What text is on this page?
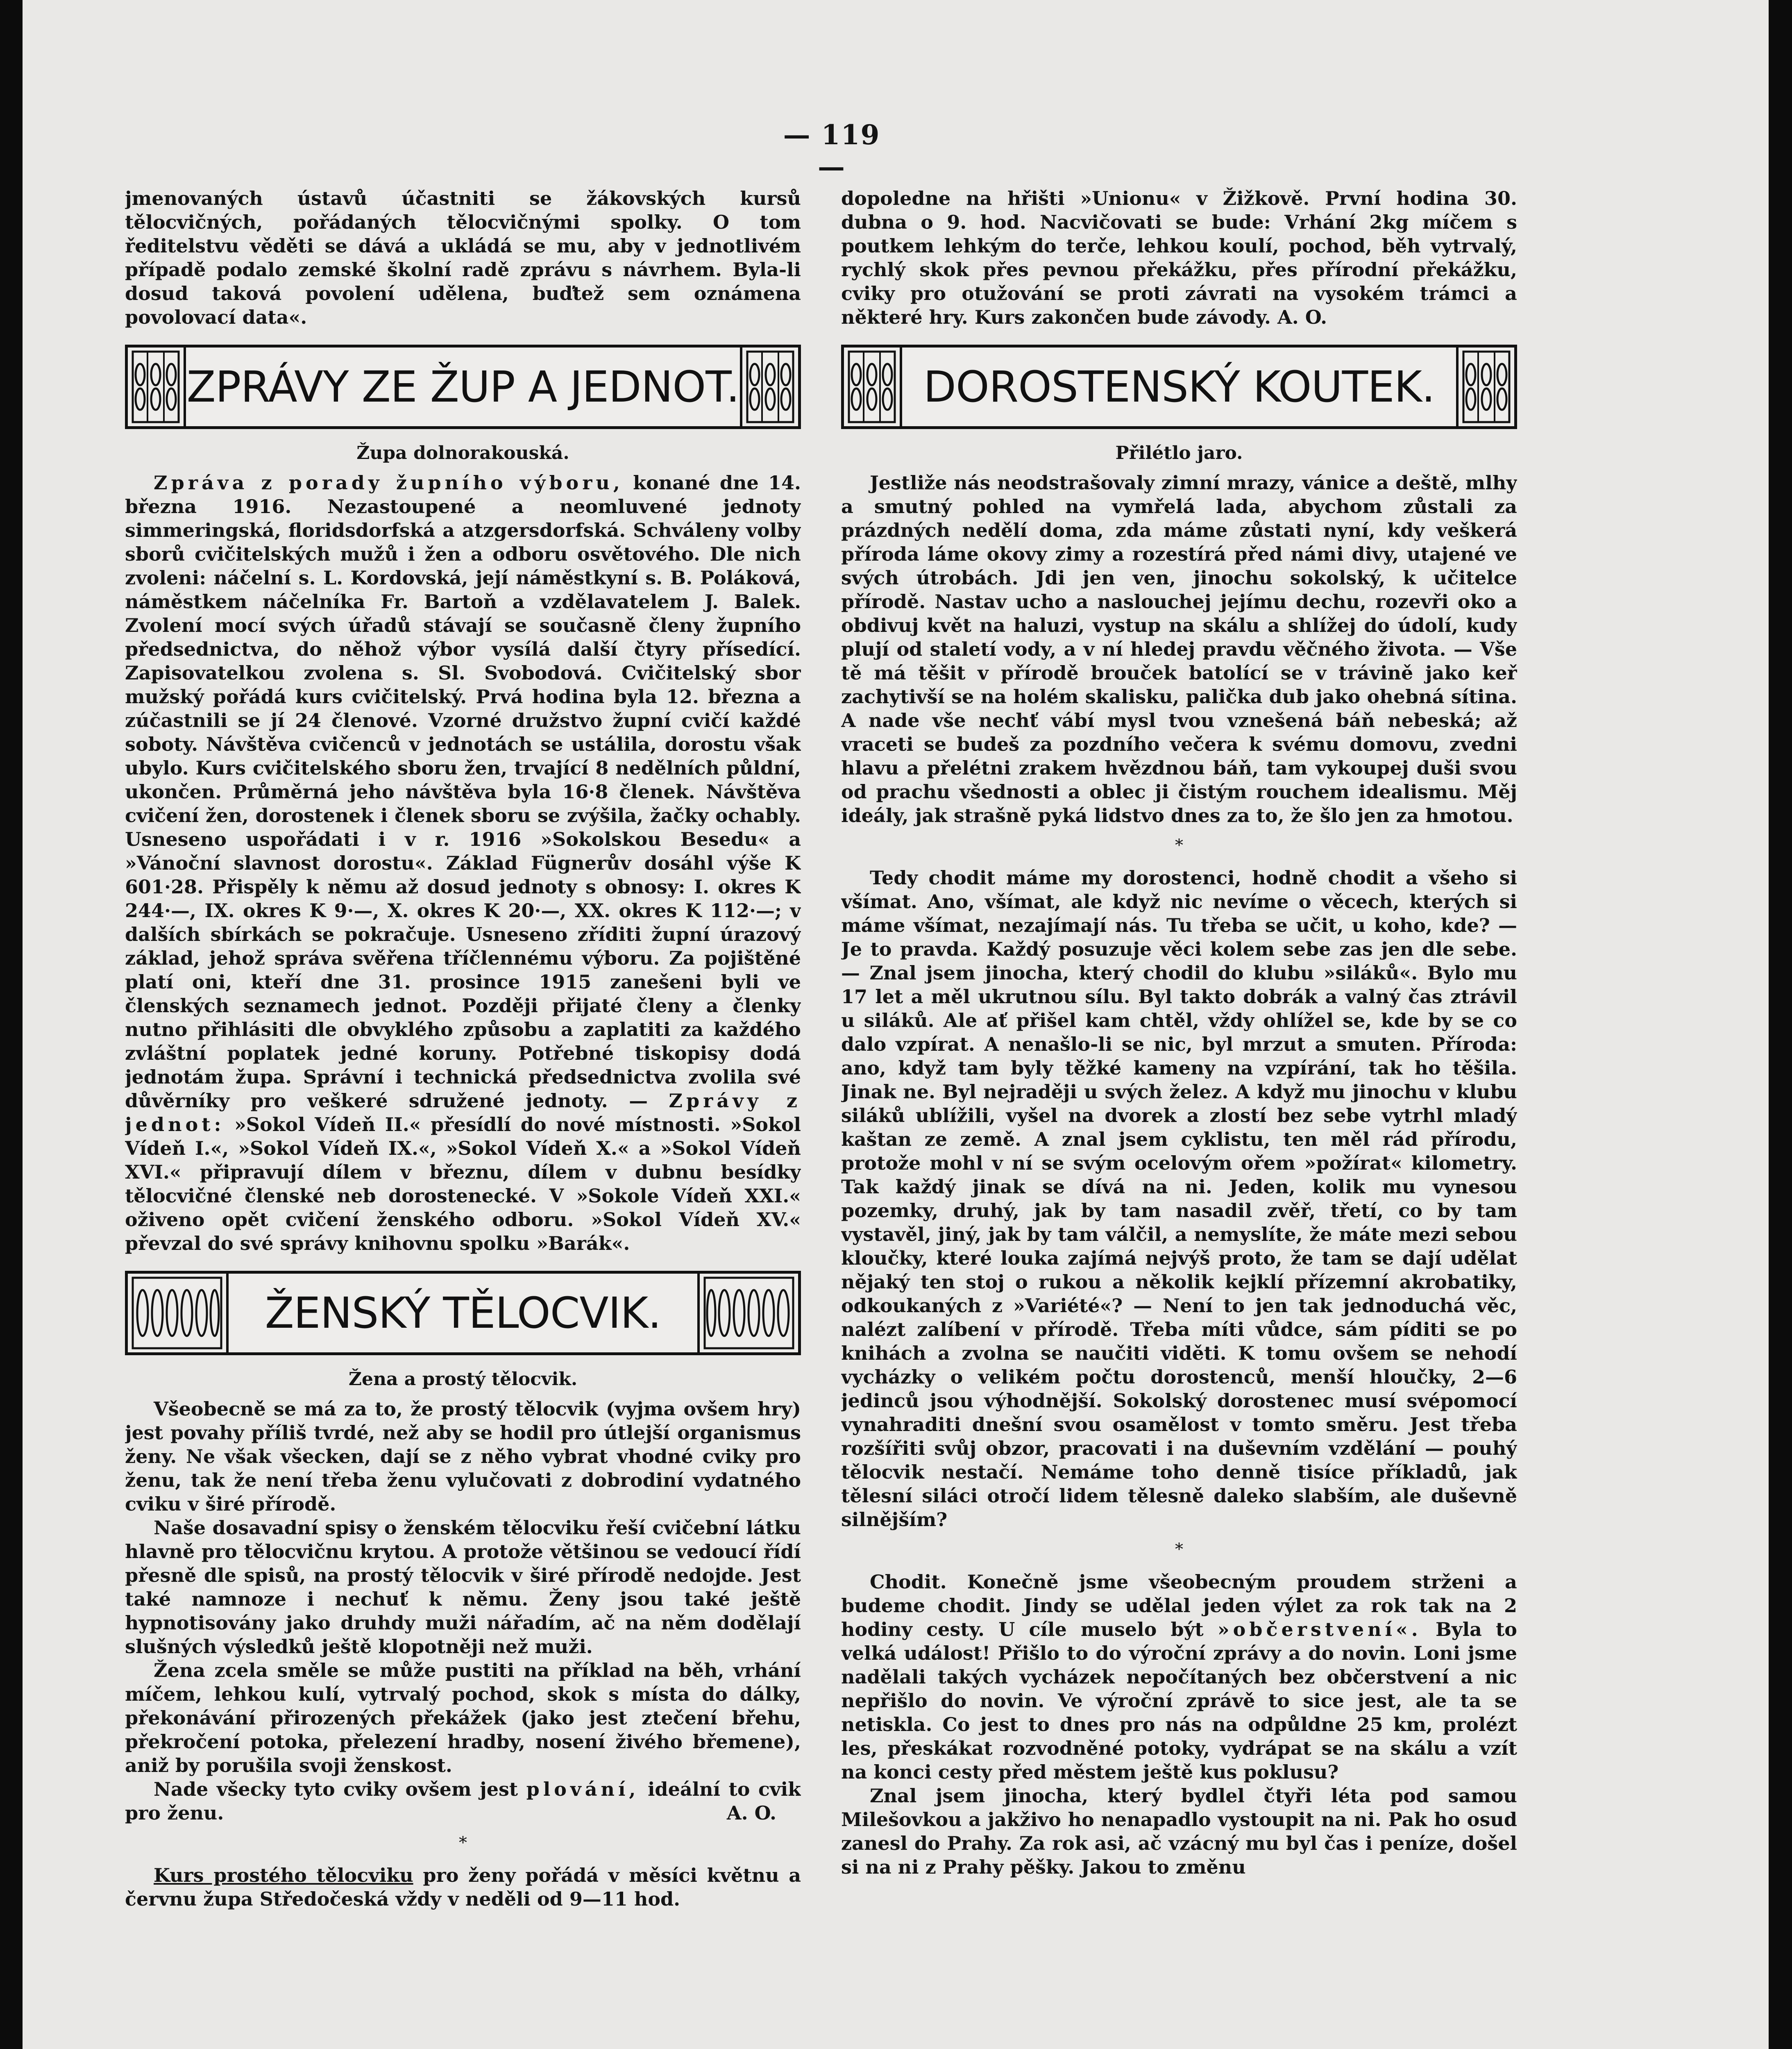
— 119 —

jmenovaných ústavů účastniti se žákovských kursů tělocvičných, pořádaných tělocvičnými spolky. O tom ředitelstvu věděti se dává a ukládá se mu, aby v jednotlivém případě podalo zemské školní radě zprávu s návrhem. Byla-li dosud taková povolení udělena, buďtež sem oznámena povolovací data«.

ZPRÁVY ZE ŽUP A JEDNOT.
Župa dolnorakouská.

Zpráva z porady župního výboru, konané dne 14. března 1916. Nezastoupené a neomluvené jednoty simmeringská, floridsdorfská a atzgersdorfská. Schváleny volby sborů cvičitelských mužů i žen a odboru osvětového. Dle nich zvoleni: náčelní s. L. Kordovská, její náměstkyní s. B. Poláková, náměstkem náčelníka Fr. Bartoň a vzdělavatelem J. Balek. Zvolení mocí svých úřadů stávají se současně členy župního předsednictva, do něhož výbor vysílá další čtyry přísedící. Zapisovatelkou zvolena s. Sl. Svobodová. Cvičitelský sbor mužský pořádá kurs cvičitelský. Prvá hodina byla 12. března a zúčastnili se jí 24 členové. Vzorné družstvo župní cvičí každé soboty. Návštěva cvičenců v jednotách se ustálila, dorostu však ubylo. Kurs cvičitelského sboru žen, trvající 8 nedělních půldní, ukončen. Průměrná jeho návštěva byla 16·8 členek. Návštěva cvičení žen, dorostenek i členek sboru se zvýšila, žačky ochably. Usneseno uspořádati i v r. 1916 »Sokolskou Besedu« a »Vánoční slavnost dorostu«. Základ Fügnerův dosáhl výše K 601·28. Přispěly k němu až dosud jednoty s obnosy: I. okres K 244·—, IX. okres K 9·—, X. okres K 20·—, XX. okres K 112·—; v dalších sbírkách se pokračuje. Usneseno zříditi župní úrazový základ, jehož správa svěřena tříčlennému výboru. Za pojištěné platí oni, kteří dne 31. prosince 1915 zanešeni byli ve členských seznamech jednot. Později přijaté členy a členky nutno přihlásiti dle obvyklého způsobu a zaplatiti za každého zvláštní poplatek jedné koruny. Potřebné tiskopisy dodá jednotám župa. Správní i technická předsednictva zvolila své důvěrníky pro veškeré sdružené jednoty. — Zprávy z jednot: »Sokol Vídeň II.« přesídlí do nové místnosti. »Sokol Vídeň I.«, »Sokol Vídeň IX.«, »Sokol Vídeň X.« a »Sokol Vídeň XVI.« připravují dílem v březnu, dílem v dubnu besídky tělocvičné členské neb dorostenecké. V »Sokole Vídeň XXI.« oživeno opět cvičení ženského odboru. »Sokol Vídeň XV.« převzal do své správy knihovnu spolku »Barák«.

ŽENSKÝ TĚLOCVIK.
Žena a prostý tělocvik.

Všeobecně se má za to, že prostý tělocvik (vyjma ovšem hry) jest povahy příliš tvrdé, než aby se hodil pro útlejší organismus ženy. Ne však všecken, dají se z něho vybrat vhodné cviky pro ženu, tak že není třeba ženu vylučovati z dobrodiní vydatného cviku v širé přírodě.

Naše dosavadní spisy o ženském tělocviku řeší cvičební látku hlavně pro tělocvičnu krytou. A protože většinou se vedoucí řídí přesně dle spisů, na prostý tělocvik v širé přírodě nedojde. Jest také namnoze i nechuť k němu. Ženy jsou také ještě hypnotisovány jako druhdy muži nářadím, ač na něm dodělají slušných výsledků ještě klopotněji než muži.

Žena zcela směle se může pustiti na příklad na běh, vrhání míčem, lehkou kulí, vytrvalý pochod, skok s místa do dálky, překonávání přirozených překážek (jako jest ztečení břehu, překročení potoka, přelezení hradby, nosení živého břemene), aniž by porušila svoji ženskost.

Nade všecky tyto cviky ovšem jest plování, ideální to cvik pro ženu.	A. O.

*

Kurs prostého tělocviku pro ženy pořádá v měsíci květnu a červnu župa Středočeská vždy v neděli od 9—11 hod.

dopoledne na hřišti »Unionu« v Žižkově. První hodina 30. dubna o 9. hod. Nacvičovati se bude: Vrhání 2kg míčem s poutkem lehkým do terče, lehkou koulí, pochod, běh vytrvalý, rychlý skok přes pevnou překážku, přes přírodní překážku, cviky pro otužování se proti závrati na vysokém trámci a některé hry. Kurs zakončen bude závody. A. O.

DOROSTENSKÝ KOUTEK.
Přilétlo jaro.

Jestliže nás neodstrašovaly zimní mrazy, vánice a deště, mlhy a smutný pohled na vymřelá lada, abychom zůstali za prázdných nedělí doma, zda máme zůstati nyní, kdy veškerá příroda láme okovy zimy a rozestírá před námi divy, utajené ve svých útrobách. Jdi jen ven, jinochu sokolský, k učitelce přírodě. Nastav ucho a naslouchej jejímu dechu, rozevři oko a obdivuj květ na haluzi, vystup na skálu a shlížej do údolí, kudy plují od staletí vody, a v ní hledej pravdu věčného života. — Vše tě má těšit v přírodě brouček batolící se v trávině jako keř zachytivší se na holém skalisku, palička dub jako ohebná sítina. A nade vše nechť vábí mysl tvou vznešená báň nebeská; až vraceti se budeš za pozdního večera k svému domovu, zvedni hlavu a přelétni zrakem hvězdnou báň, tam vykoupej duši svou od prachu všednosti a oblec ji čistým rouchem idealismu. Měj ideály, jak strašně pyká lidstvo dnes za to, že šlo jen za hmotou.

*

Tedy chodit máme my dorostenci, hodně chodit a všeho si všímat. Ano, všímat, ale když nic nevíme o věcech, kterých si máme všímat, nezajímají nás. Tu třeba se učit, u koho, kde? — Je to pravda. Každý posuzuje věci kolem sebe zas jen dle sebe. — Znal jsem jinocha, který chodil do klubu »siláků«. Bylo mu 17 let a měl ukrutnou sílu. Byl takto dobrák a valný čas ztrávil u siláků. Ale ať přišel kam chtěl, vždy ohlížel se, kde by se co dalo vzpírat. A nenašlo-li se nic, byl mrzut a smuten. Příroda: ano, když tam byly těžké kameny na vzpírání, tak ho těšila. Jinak ne. Byl nejraději u svých želez. A když mu jinochu v klubu siláků ublížili, vyšel na dvorek a zlostí bez sebe vytrhl mladý kaštan ze země. A znal jsem cyklistu, ten měl rád přírodu, protože mohl v ní se svým ocelovým ořem »požírat« kilometry. Tak každý jinak se dívá na ni. Jeden, kolik mu vynesou pozemky, druhý, jak by tam nasadil zvěř, třetí, co by tam vystavěl, jiný, jak by tam válčil, a nemyslíte, že máte mezi sebou kloučky, které louka zajímá nejvýš proto, že tam se dají udělat nějaký ten stoj o rukou a několik kejklí přízemní akrobatiky, odkoukaných z »Variété«? — Není to jen tak jednoduchá věc, nalézt zalíbení v přírodě. Třeba míti vůdce, sám píditi se po knihách a zvolna se naučiti viděti. K tomu ovšem se nehodí vycházky o velikém počtu dorostenců, menší hloučky, 2—6 jedinců jsou výhodnější. Sokolský dorostenec musí svépomocí vynahraditi dnešní svou osamělost v tomto směru. Jest třeba rozšířiti svůj obzor, pracovati i na duševním vzdělání — pouhý tělocvik nestačí. Nemáme toho denně tisíce příkladů, jak tělesní siláci otročí lidem tělesně daleko slabším, ale duševně silnějším?

*

Chodit. Konečně jsme všeobecným proudem strženi a budeme chodit. Jindy se udělal jeden výlet za rok tak na 2 hodiny cesty. U cíle muselo být »občerstvení«. Byla to velká událost! Přišlo to do výroční zprávy a do novin. Loni jsme nadělali takých vycházek nepočítaných bez občerstvení a nic nepřišlo do novin. Ve výroční zprávě to sice jest, ale ta se netiskla. Co jest to dnes pro nás na odpůldne 25 km, prolézt les, přeskákat rozvodněné potoky, vydrápat se na skálu a vzít na konci cesty před městem ještě kus poklusu?

Znal jsem jinocha, který bydlel čtyři léta pod samou Milešovkou a jakživo ho nenapadlo vystoupit na ni. Pak ho osud zanesl do Prahy. Za rok asi, ač vzácný mu byl čas i peníze, došel si na ni z Prahy pěšky. Jakou to změnu
